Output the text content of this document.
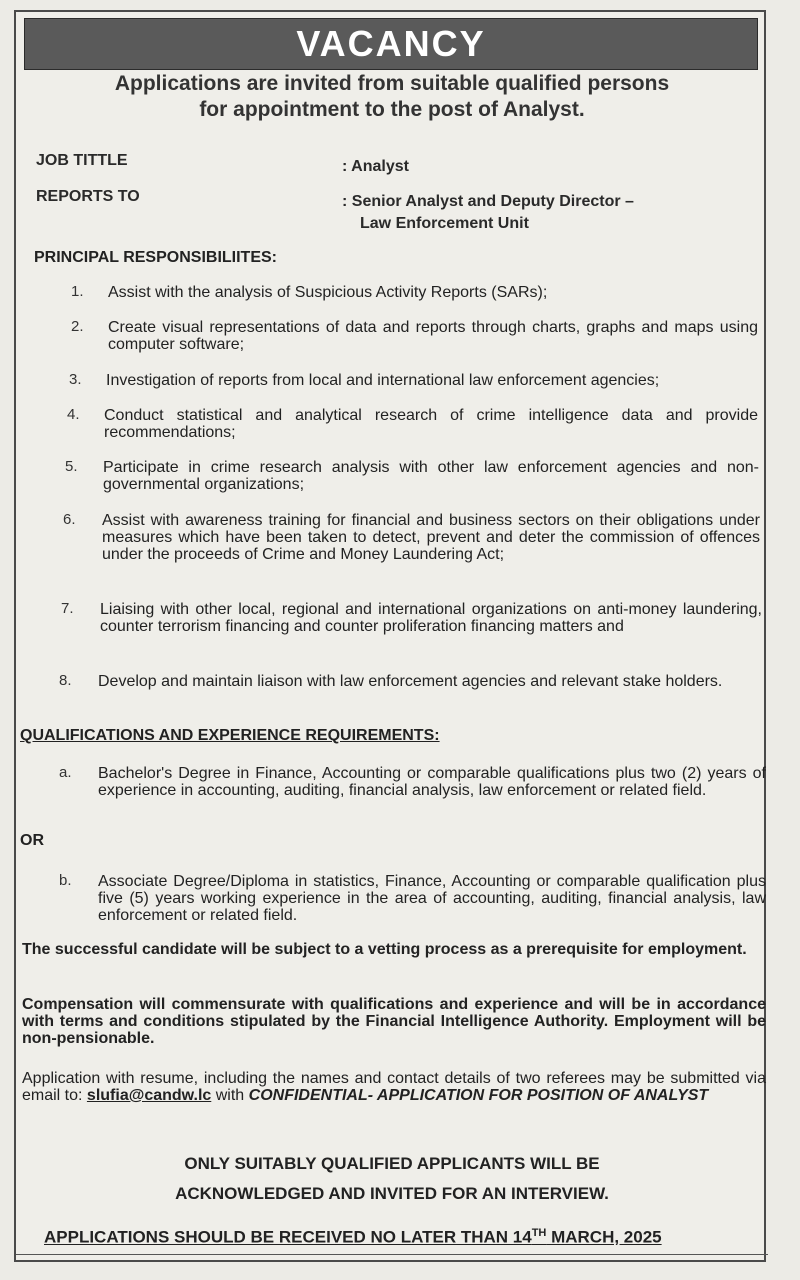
VACANCY
Applications are invited from suitable qualified persons
for appointment to the post of Analyst.
JOB TITTLE	: Analyst
REPORTS TO	: Senior Analyst and Deputy Director –
Law Enforcement Unit
PRINCIPAL RESPONSIBILIITES:
1. Assist with the analysis of Suspicious Activity Reports (SARs);
2. Create visual representations of data and reports through charts, graphs and maps using computer software;
3. Investigation of reports from local and international law enforcement agencies;
4. Conduct statistical and analytical research of crime intelligence data and provide recommendations;
5. Participate in crime research analysis with other law enforcement agencies and non-governmental organizations;
6. Assist with awareness training for financial and business sectors on their obligations under measures which have been taken to detect, prevent and deter the commission of offences under the proceeds of Crime and Money Laundering Act;
7. Liaising with other local, regional and international organizations on anti-money laundering, counter terrorism financing and counter proliferation financing matters and
8. Develop and maintain liaison with law enforcement agencies and relevant stake holders.
QUALIFICATIONS AND EXPERIENCE REQUIREMENTS:
a. Bachelor's Degree in Finance, Accounting or comparable qualifications plus two (2) years of experience in accounting, auditing, financial analysis, law enforcement or related field.
OR
b. Associate Degree/Diploma in statistics, Finance, Accounting or comparable qualification plus five (5) years working experience in the area of accounting, auditing, financial analysis, law enforcement or related field.
The successful candidate will be subject to a vetting process as a prerequisite for employment.
Compensation will commensurate with qualifications and experience and will be in accordance with terms and conditions stipulated by the Financial Intelligence Authority. Employment will be non-pensionable.
Application with resume, including the names and contact details of two referees may be submitted via email to: slufia@candw.lc with CONFIDENTIAL- APPLICATION FOR POSITION OF ANALYST
ONLY SUITABLY QUALIFIED APPLICANTS WILL BE
ACKNOWLEDGED AND INVITED FOR AN INTERVIEW.
APPLICATIONS SHOULD BE RECEIVED NO LATER THAN 14TH MARCH, 2025
